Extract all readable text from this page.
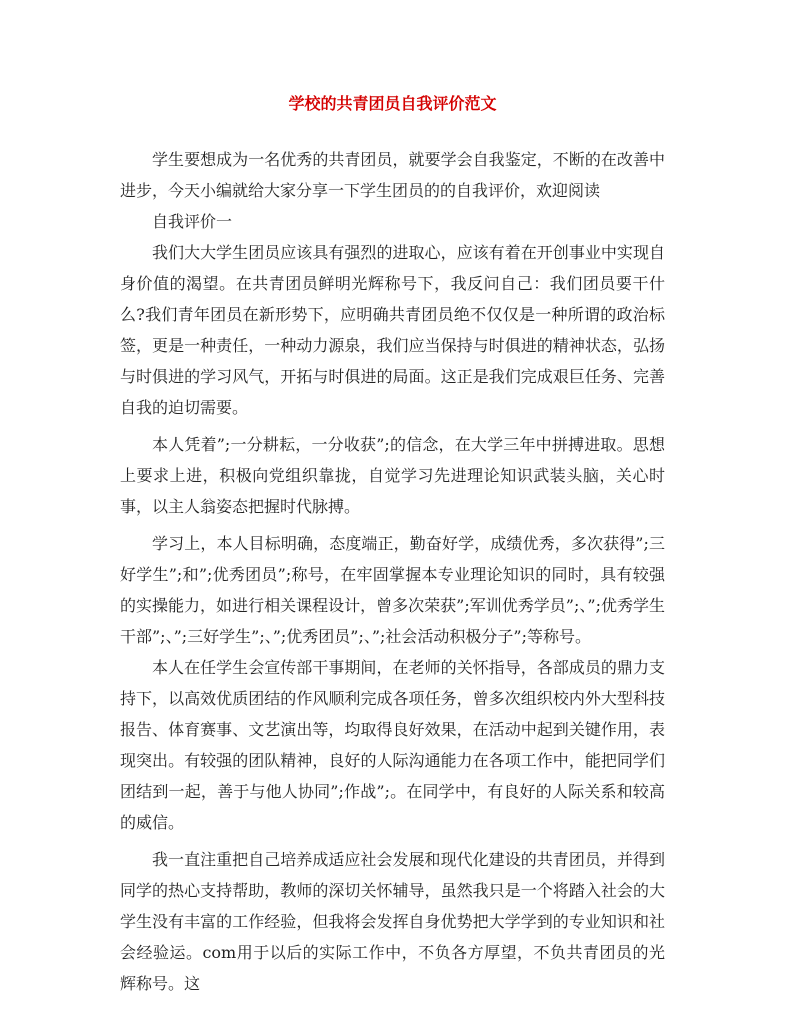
学校的共青团员自我评价范文

学生要想成为一名优秀的共青团员，就要学会自我鉴定，不断的在改善中进步，今天小编就给大家分享一下学生团员的的自我评价，欢迎阅读

自我评价一

我们大大学生团员应该具有强烈的进取心，应该有着在开创事业中实现自身价值的渴望。在共青团员鲜明光辉称号下，我反问自己：我们团员要干什么?我们青年团员在新形势下，应明确共青团员绝不仅仅是一种所谓的政治标签，更是一种责任，一种动力源泉，我们应当保持与时俱进的精神状态，弘扬与时俱进的学习风气，开拓与时俱进的局面。这正是我们完成艰巨任务、完善自我的迫切需要。

本人凭着”;一分耕耘，一分收获”;的信念，在大学三年中拼搏进取。思想上要求上进，积极向党组织靠拢，自觉学习先进理论知识武装头脑，关心时事，以主人翁姿态把握时代脉搏。

学习上，本人目标明确，态度端正，勤奋好学，成绩优秀，多次获得”;三好学生”;和”;优秀团员”;称号，在牢固掌握本专业理论知识的同时，具有较强的实操能力，如进行相关课程设计，曾多次荣获”;军训优秀学员”;、”;优秀学生干部”;、”;三好学生”;、”;优秀团员”;、”;社会活动积极分子”;等称号。

本人在任学生会宣传部干事期间，在老师的关怀指导，各部成员的鼎力支持下，以高效优质团结的作风顺利完成各项任务，曾多次组织校内外大型科技报告、体育赛事、文艺演出等，均取得良好效果，在活动中起到关键作用，表现突出。有较强的团队精神，良好的人际沟通能力在各项工作中，能把同学们团结到一起，善于与他人协同”;作战”;。在同学中，有良好的人际关系和较高的威信。

我一直注重把自己培养成适应社会发展和现代化建设的共青团员，并得到同学的热心支持帮助，教师的深切关怀辅导，虽然我只是一个将踏入社会的大学生没有丰富的工作经验，但我将会发挥自身优势把大学学到的专业知识和社会经验运。com用于以后的实际工作中，不负各方厚望，不负共青团员的光辉称号。这
